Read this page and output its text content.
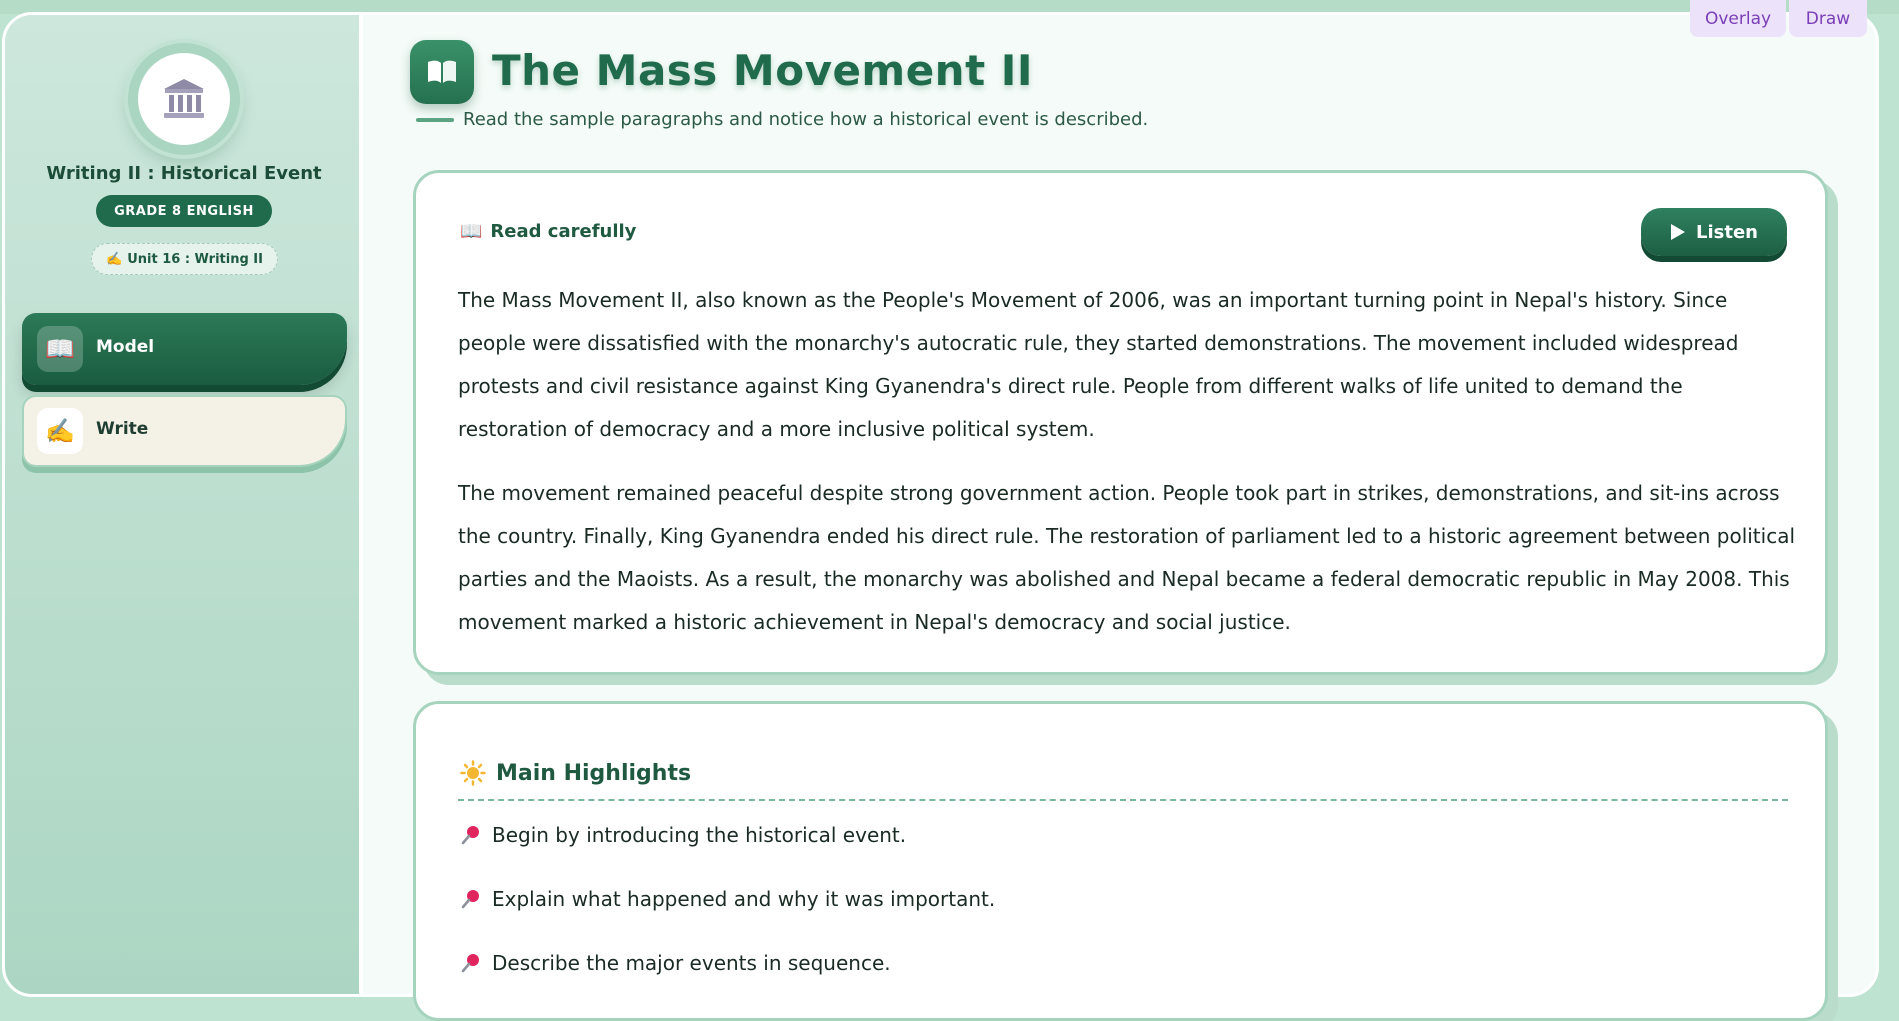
Writing II : Historical Event
GRADE 8 ENGLISH
✍️ Unit 16 : Writing II
📖	Model
✍️	Write
The Mass Movement II
Read the sample paragraphs and notice how a historical event is described.
📖 Read carefully	Listen

The Mass Movement II, also known as the People's Movement of 2006, was an important turning point in Nepal's history. Since people were dissatisfied with the monarchy's autocratic rule, they started demonstrations. The movement included widespread protests and civil resistance against King Gyanendra's direct rule. People from different walks of life united to demand the restoration of democracy and a more inclusive political system.

The movement remained peaceful despite strong government action. People took part in strikes, demonstrations, and sit-ins across the country. Finally, King Gyanendra ended his direct rule. The restoration of parliament led to a historic agreement between political parties and the Maoists. As a result, the monarchy was abolished and Nepal became a federal democratic republic in May 2008. This movement marked a historic achievement in Nepal's democracy and social justice.

Main Highlights
Begin by introducing the historical event.
Explain what happened and why it was important.
Describe the major events in sequence.
Overlay	Draw
